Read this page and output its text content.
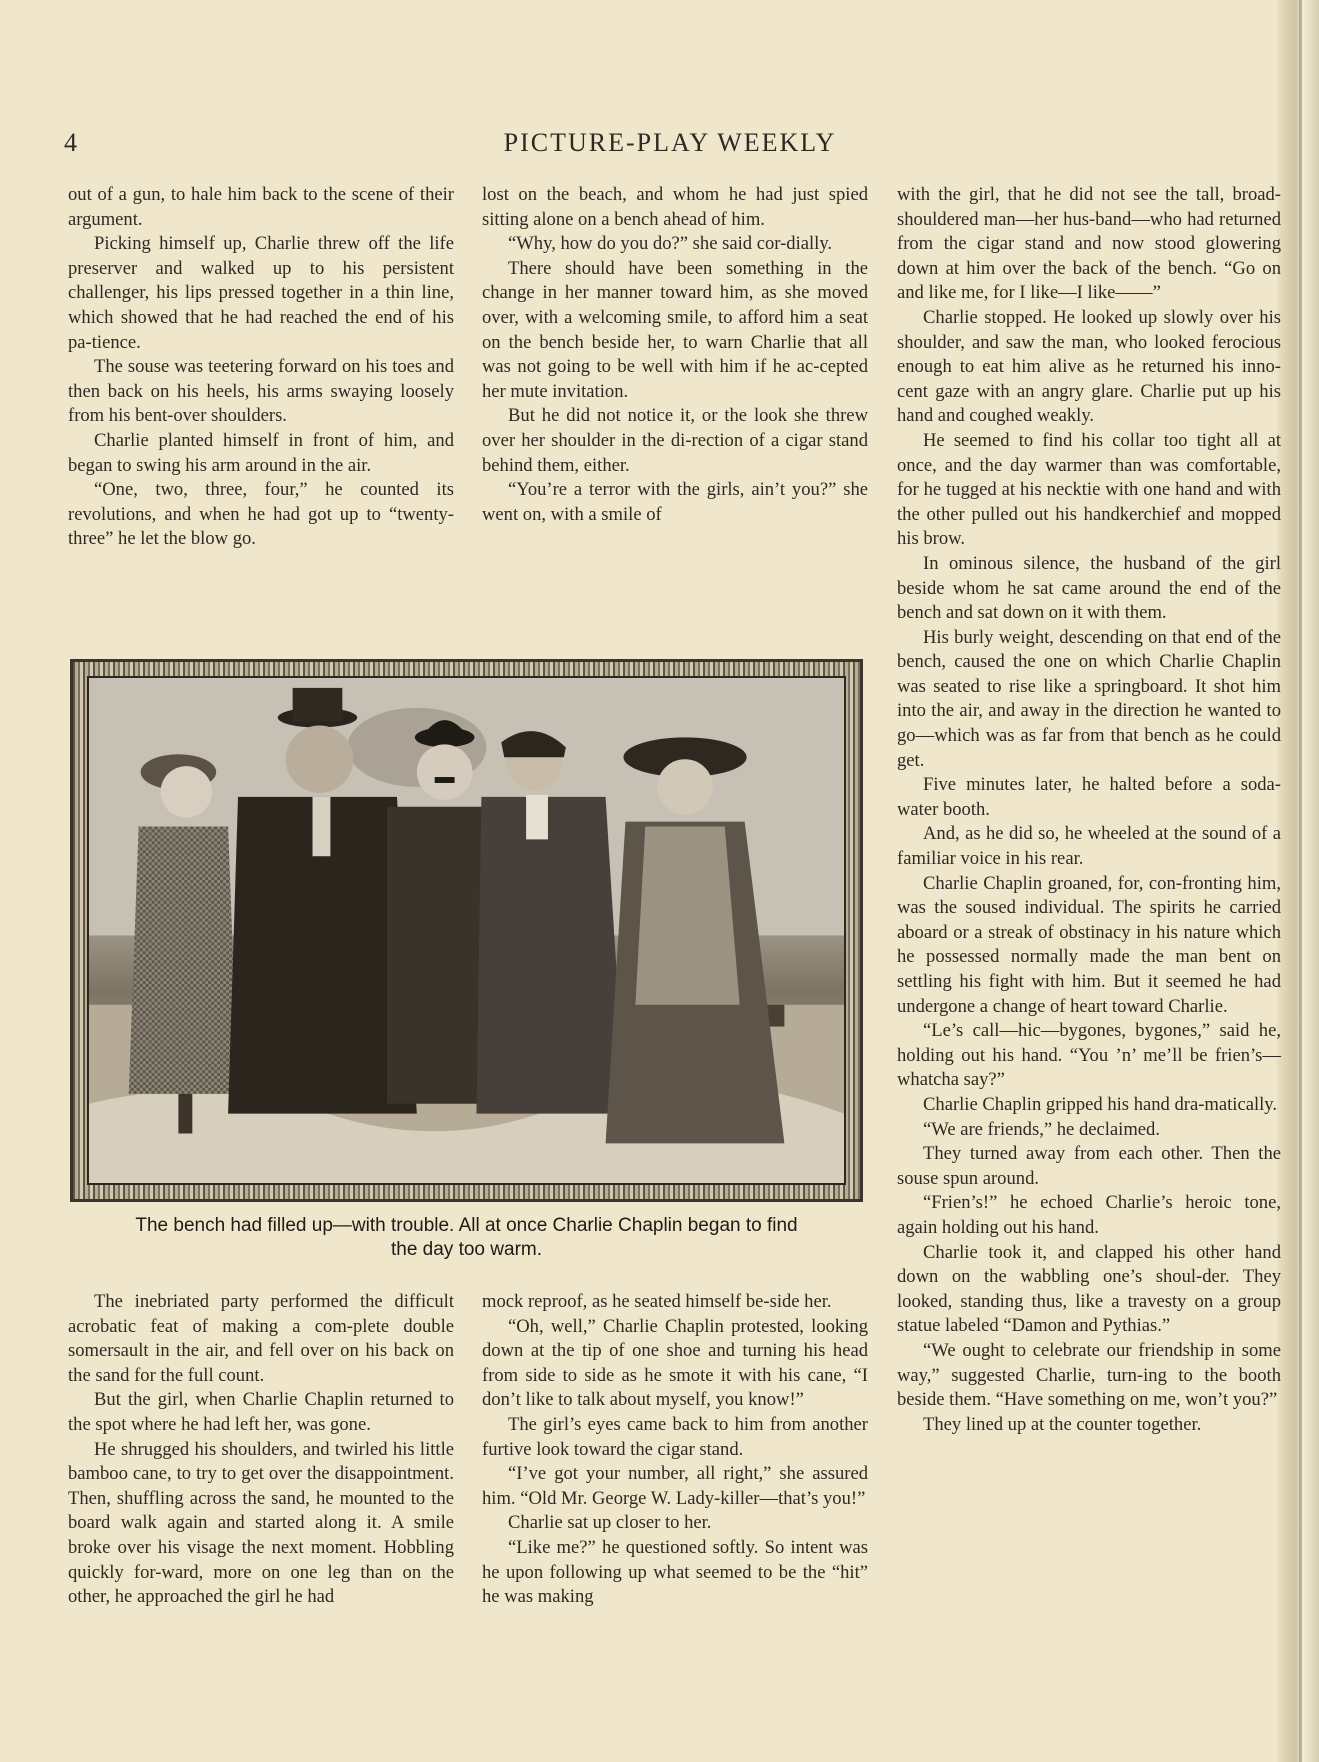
4	PICTURE-PLAY WEEKLY

out of a gun, to hale him back to the scene of their argument.

Picking himself up, Charlie threw off the life preserver and walked up to his persistent challenger, his lips pressed together in a thin line, which showed that he had reached the end of his pa-tience.

The souse was teetering forward on his toes and then back on his heels, his arms swaying loosely from his bent-over shoulders.

Charlie planted himself in front of him, and began to swing his arm around in the air.

“One, two, three, four,” he counted its revolutions, and when he had got up to “twenty-three” he let the blow go.

lost on the beach, and whom he had just spied sitting alone on a bench ahead of him.

“Why, how do you do?” she said cor-dially.

There should have been something in the change in her manner toward him, as she moved over, with a welcoming smile, to afford him a seat on the bench beside her, to warn Charlie that all was not going to be well with him if he ac-cepted her mute invitation.

But he did not notice it, or the look she threw over her shoulder in the di-rection of a cigar stand behind them, either.

“You’re a terror with the girls, ain’t you?” she went on, with a smile of

with the girl, that he did not see the tall, broad-shouldered man—her hus-band—who had returned from the cigar stand and now stood glowering down at him over the back of the bench. “Go on and like me, for I like—I like——”

Charlie stopped. He looked up slowly over his shoulder, and saw the man, who looked ferocious enough to eat him alive as he returned his inno-cent gaze with an angry glare. Charlie put up his hand and coughed weakly.

He seemed to find his collar too tight all at once, and the day warmer than was comfortable, for he tugged at his necktie with one hand and with the other pulled out his handkerchief and mopped his brow.

In ominous silence, the husband of the girl beside whom he sat came around the end of the bench and sat down on it with them.

His burly weight, descending on that end of the bench, caused the one on which Charlie Chaplin was seated to rise like a springboard. It shot him into the air, and away in the direction he wanted to go—which was as far from that bench as he could get.

Five minutes later, he halted before a soda-water booth.

And, as he did so, he wheeled at the sound of a familiar voice in his rear.

Charlie Chaplin groaned, for, con-fronting him, was the soused individual. The spirits he carried aboard or a streak of obstinacy in his nature which he possessed normally made the man bent on settling his fight with him. But it seemed he had undergone a change of heart toward Charlie.

“Le’s call—hic—bygones, bygones,” said he, holding out his hand. “You ’n’ me’ll be frien’s—whatcha say?”

Charlie Chaplin gripped his hand dra-matically.

“We are friends,” he declaimed.

They turned away from each other. Then the souse spun around.

“Frien’s!” he echoed Charlie’s heroic tone, again holding out his hand.

Charlie took it, and clapped his other hand down on the wabbling one’s shoul-der. They looked, standing thus, like a travesty on a group statue labeled “Damon and Pythias.”

“We ought to celebrate our friendship in some way,” suggested Charlie, turn-ing to the booth beside them. “Have something on me, won’t you?”

They lined up at the counter together.

The bench had filled up—with trouble. All at once Charlie Chaplin began to find
the day too warm.

The inebriated party performed the difficult acrobatic feat of making a com-plete double somersault in the air, and fell over on his back on the sand for the full count.

But the girl, when Charlie Chaplin returned to the spot where he had left her, was gone.

He shrugged his shoulders, and twirled his little bamboo cane, to try to get over the disappointment. Then, shuffling across the sand, he mounted to the board walk again and started along it. A smile broke over his visage the next moment. Hobbling quickly for-ward, more on one leg than on the other, he approached the girl he had

mock reproof, as he seated himself be-side her.

“Oh, well,” Charlie Chaplin protested, looking down at the tip of one shoe and turning his head from side to side as he smote it with his cane, “I don’t like to talk about myself, you know!”

The girl’s eyes came back to him from another furtive look toward the cigar stand.

“I’ve got your number, all right,” she assured him. “Old Mr. George W. Lady-killer—that’s you!”

Charlie sat up closer to her.

“Like me?” he questioned softly. So intent was he upon following up what seemed to be the “hit” he was making
